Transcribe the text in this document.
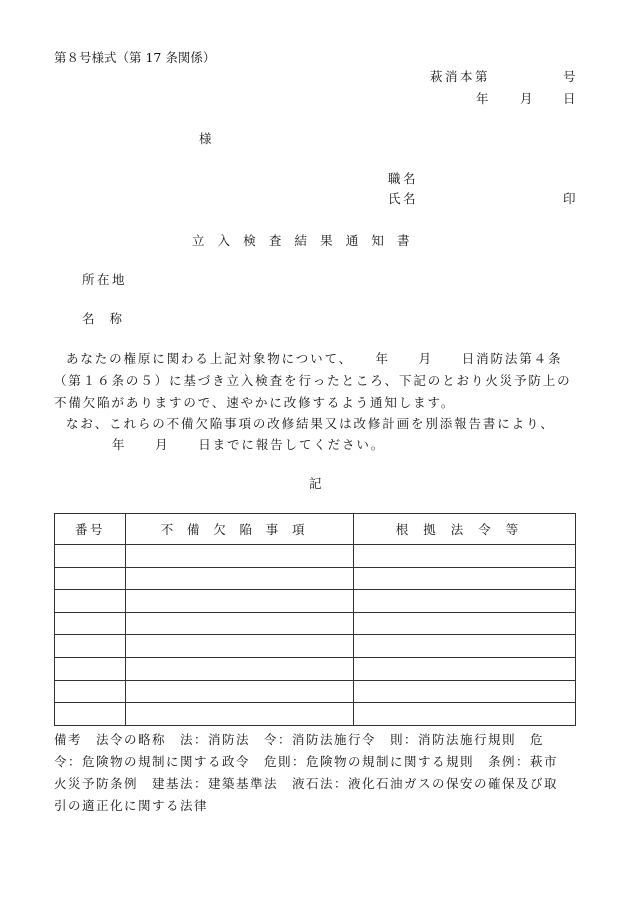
第８号様式（第 17 条関係）
萩消本第	号
年	月 日
様
職名
氏名	印
立入検査結果通知書
所在地
名称
あなたの権原に関わる上記対象物について、　　年　　月　　日消防法第４条
（第１６条の５）に基づき立入検査を行ったところ、下記のとおり火災予防上の
不備欠陥がありますので、速やかに改修するよう通知します。
なお、これらの不備欠陥事項の改修結果又は改修計画を別添報告書により、
年　　月　　日までに報告してください。
記
番号	不備欠陥事項	根拠法令等

備考　法令の略称　法：消防法　令：消防法施行令　則：消防法施行規則　危
令：危険物の規制に関する政令　危則：危険物の規制に関する規則　条例：萩市
火災予防条例　建基法：建築基準法　液石法：液化石油ガスの保安の確保及び取
引の適正化に関する法律
